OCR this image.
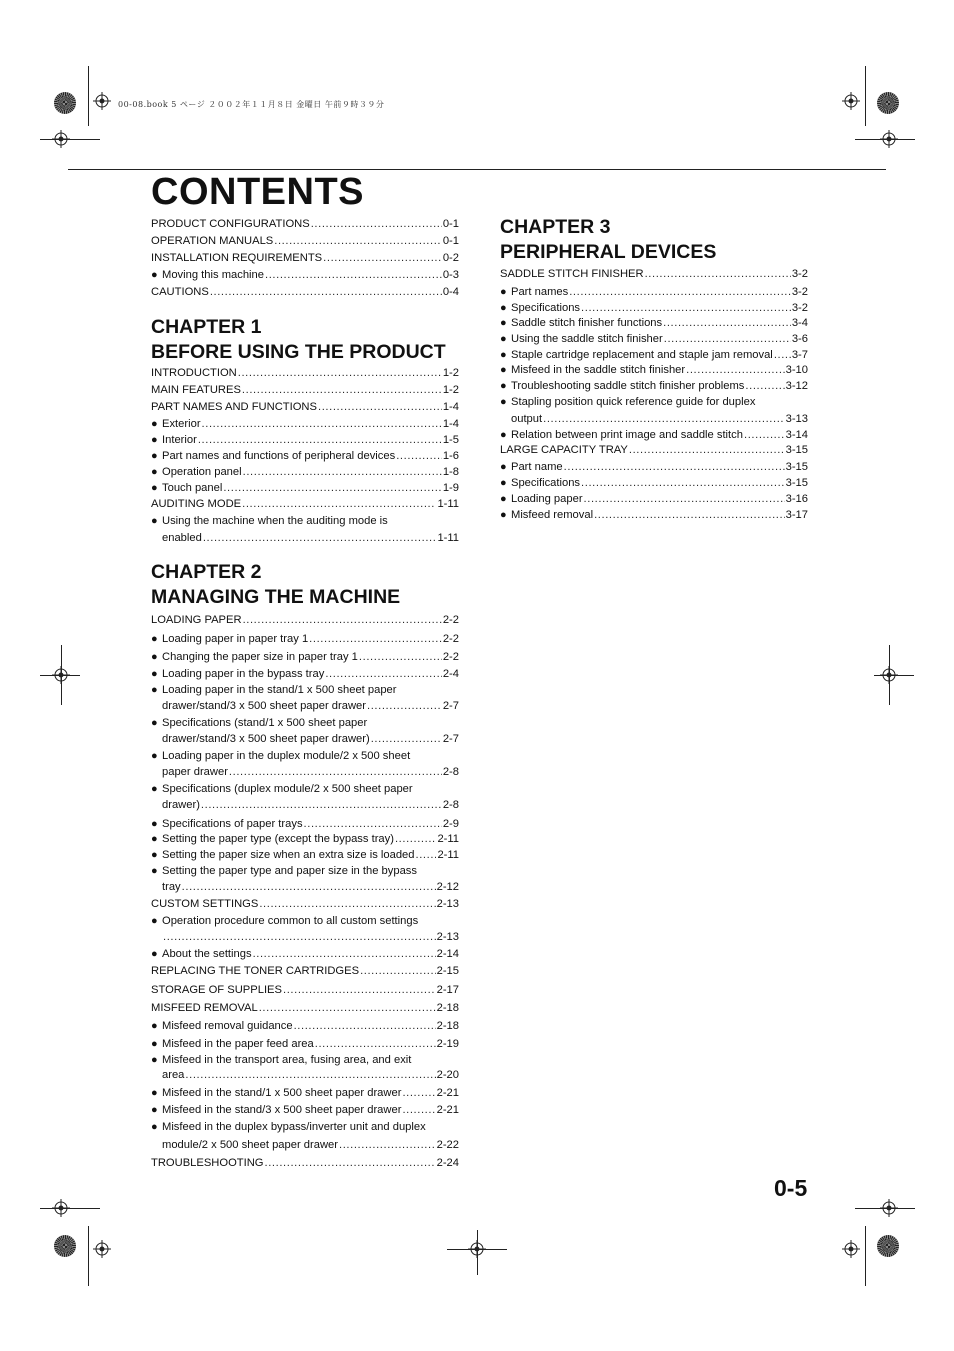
00-08.book 5 ページ ２００２年１１月８日 金曜日 午前９時３９分
CONTENTS
PRODUCT CONFIGURATIONS .....	0-1
OPERATION MANUALS .....	0-1
INSTALLATION REQUIREMENTS .....	0-2
● Moving this machine .....	0-3
CAUTIONS .....	0-4
CHAPTER 1
BEFORE USING THE PRODUCT
INTRODUCTION .....	1-2
MAIN FEATURES .....	1-2
PART NAMES AND FUNCTIONS .....	1-4
● Exterior .....	1-4
● Interior .....	1-5
● Part names and functions of peripheral devices .....	1-6
● Operation panel .....	1-8
● Touch panel .....	1-9
AUDITING MODE .....	1-11
● Using the machine when the auditing mode is
enabled .....	1-11
CHAPTER 2
MANAGING THE MACHINE
LOADING PAPER .....	2-2
● Loading paper in paper tray 1 .....	2-2
● Changing the paper size in paper tray 1 .....	2-2
● Loading paper in the bypass tray .....	2-4
● Loading paper in the stand/1 x 500 sheet paper
drawer/stand/3 x 500 sheet paper drawer .....	2-7
● Specifications (stand/1 x 500 sheet paper
drawer/stand/3 x 500 sheet paper drawer) .....	2-7
● Loading paper in the duplex module/2 x 500 sheet
paper drawer .....	2-8
● Specifications (duplex module/2 x 500 sheet paper
drawer) .....	2-8
● Specifications of paper trays .....	2-9
● Setting the paper type (except the bypass tray) .....	2-11
● Setting the paper size when an extra size is loaded ..... 2-11
● Setting the paper type and paper size in the bypass
tray .....	2-12
CUSTOM SETTINGS .....	2-13
● Operation procedure common to all custom settings
.....
2-13
● About the settings .....	2-14
REPLACING THE TONER CARTRIDGES .....	2-15
STORAGE OF SUPPLIES .....	2-17
MISFEED REMOVAL .....	2-18
● Misfeed removal guidance .....	2-18
● Misfeed in the paper feed area .....	2-19
● Misfeed in the transport area, fusing area, and exit
area .....	2-20
● Misfeed in the stand/1 x 500 sheet paper drawer .....	2-21
● Misfeed in the stand/3 x 500 sheet paper drawer .....	2-21
● Misfeed in the duplex bypass/inverter unit and duplex
module/2 x 500 sheet paper drawer .....	2-22
TROUBLESHOOTING .....	2-24
CHAPTER 3
PERIPHERAL DEVICES
SADDLE STITCH FINISHER .....	3-2
● Part names .....	3-2
● Specifications .....	3-2
● Saddle stitch finisher functions .....	3-4
● Using the saddle stitch finisher .....	3-6
● Staple cartridge replacement and staple jam removal ..... 3-7
● Misfeed in the saddle stitch finisher .....	3-10
● Troubleshooting saddle stitch finisher problems .....	3-12
● Stapling position quick reference guide for duplex
output .....	3-13
● Relation between print image and saddle stitch .....	3-14
LARGE CAPACITY TRAY .....	3-15
● Part name .....	3-15
● Specifications .....	3-15
● Loading paper .....	3-16
● Misfeed removal .....	3-17
0-5
